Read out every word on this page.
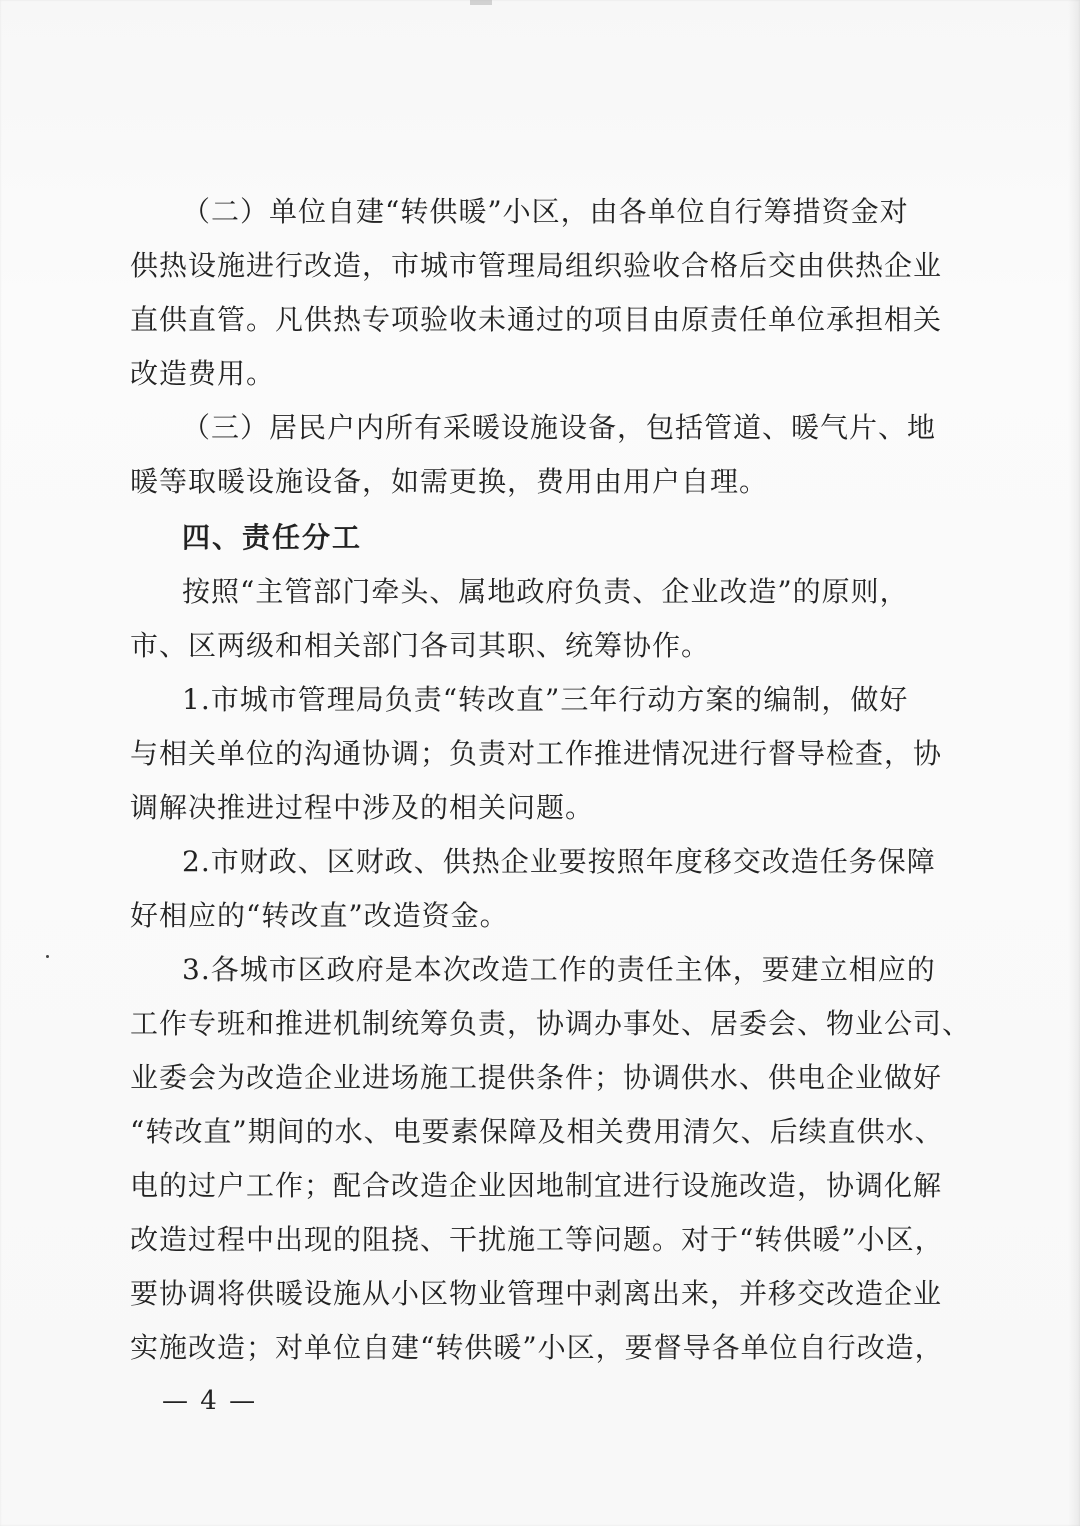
（二）单位自建“转供暖”小区，由各单位自行筹措资金对
供热设施进行改造，市城市管理局组织验收合格后交由供热企业
直供直管。凡供热专项验收未通过的项目由原责任单位承担相关
改造费用。
（三）居民户内所有采暖设施设备，包括管道、暖气片、地
暖等取暖设施设备，如需更换，费用由用户自理。
四、责任分工
按照“主管部门牵头、属地政府负责、企业改造”的原则，
市、区两级和相关部门各司其职、统筹协作。
1.市城市管理局负责“转改直”三年行动方案的编制，做好
与相关单位的沟通协调；负责对工作推进情况进行督导检查，协
调解决推进过程中涉及的相关问题。
2.市财政、区财政、供热企业要按照年度移交改造任务保障
好相应的“转改直”改造资金。
3.各城市区政府是本次改造工作的责任主体，要建立相应的
工作专班和推进机制统筹负责，协调办事处、居委会、物业公司、
业委会为改造企业进场施工提供条件；协调供水、供电企业做好
“转改直”期间的水、电要素保障及相关费用清欠、后续直供水、
电的过户工作；配合改造企业因地制宜进行设施改造，协调化解
改造过程中出现的阻挠、干扰施工等问题。对于“转供暖”小区，
要协调将供暖设施从小区物业管理中剥离出来，并移交改造企业
实施改造；对单位自建“转供暖”小区，要督导各单位自行改造，
— 4 —
